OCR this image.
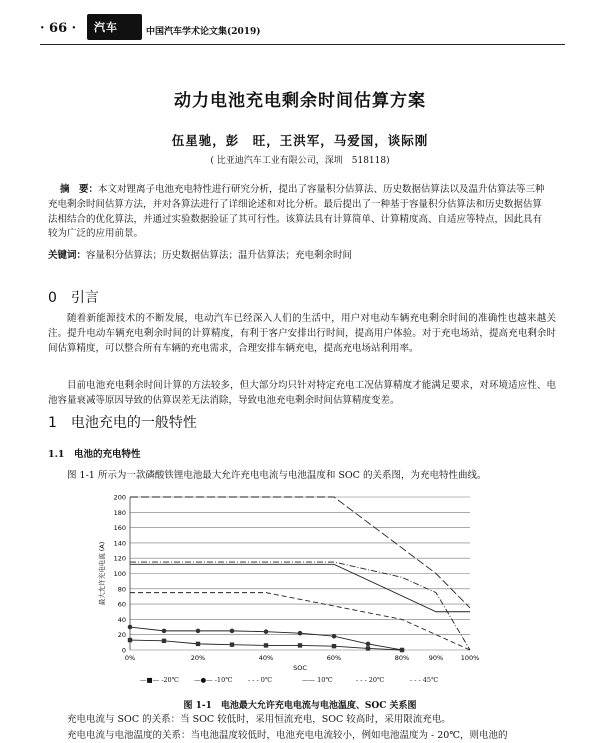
· 66 · 汽车	中国汽车学术论文集(2019)
动力电池充电剩余时间估算方案
伍星驰，彭　旺，王洪军，马爱国，谈际刚
( 比亚迪汽车工业有限公司，深圳　518118)
摘　要：本文对锂离子电池充电特性进行研究分析，提出了容量积分估算法、历史数据估算法以及温升估算法等三种充电剩余时间估算方法，并对各算法进行了详细论述和对比分析。最后提出了一种基于容量积分估算法和历史数据估算法相结合的优化算法，并通过实验数据验证了其可行性。该算法具有计算简单、计算精度高、自适应等特点，因此具有较为广泛的应用前景。
关键词：容量积分估算法；历史数据估算法；温升估算法；充电剩余时间
0　引言
随着新能源技术的不断发展，电动汽车已经深入人们的生活中，用户对电动车辆充电剩余时间的准确性也越来越关注。提升电动车辆充电剩余时间的计算精度，有利于客户安排出行时间，提高用户体验。对于充电场站，提高充电剩余时间估算精度，可以整合所有车辆的充电需求，合理安排车辆充电，提高充电场站利用率。
目前电池充电剩余时间计算的方法较多，但大部分均只针对特定充电工况估算精度才能满足要求，对环境适应性、电池容量衰减等原因导致的估算误差无法消除，导致电池充电剩余时间估算精度变差。
1　电池充电的一般特性
1.1　电池的充电特性
图 1-1 所示为一款磷酸铁锂电池最大允许充电电流与电池温度和 SOC 的关系图，为充电特性曲线。
0
20
40
60
80
100
120
140
160
180
200
0%	20%	40%	60%	80%	90%	100%
SOC
最大允许充电电流 (A)
—■— -20℃ —●— -10℃ - - - 0℃	—— 10℃	- - - 20℃	- - - 45℃
图 1-1　电池最大允许充电电流与电池温度、SOC 关系图
充电电流与 SOC 的关系：当 SOC 较低时，采用恒流充电，SOC 较高时，采用限流充电。
充电电流与电池温度的关系：当电池温度较低时，电池充电电流较小，例如电池温度为 - 20℃，则电池的
